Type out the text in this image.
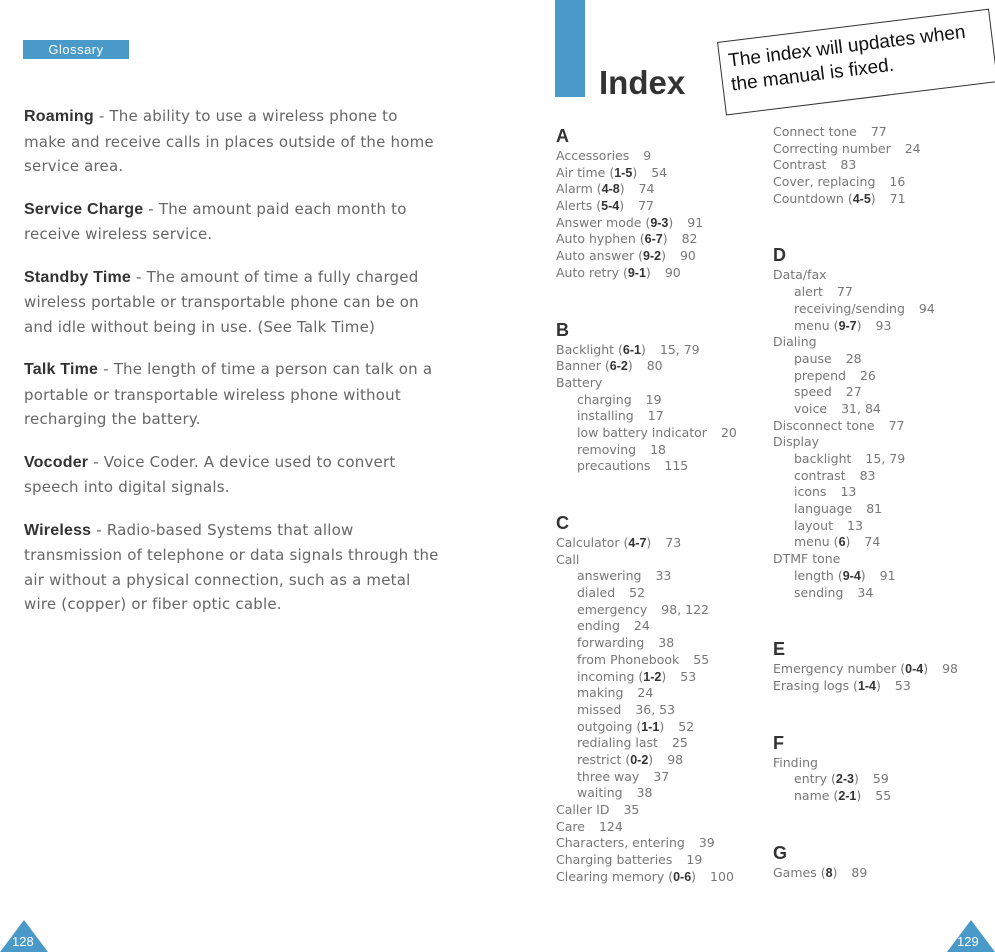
Glossary

Roaming - The ability to use a wireless phone to make and receive calls in places outside of the home service area.

Service Charge - The amount paid each month to receive wireless service.

Standby Time - The amount of time a fully charged wireless portable or transportable phone can be on and idle without being in use. (See Talk Time)

Talk Time - The length of time a person can talk on a portable or transportable wireless phone without recharging the battery.

Vocoder - Voice Coder. A device used to convert speech into digital signals.

Wireless - Radio-based Systems that allow transmission of telephone or data signals through the air without a physical connection, such as a metal wire (copper) or fiber optic cable.

128
Index
The index will updates when the manual is fixed.
A
Accessories 9
Air time (1-5) 54
Alarm (4-8) 74
Alerts (5-4) 77
Answer mode (9-3) 91
Auto hyphen (6-7) 82
Auto answer (9-2) 90
Auto retry (9-1) 90
B
Backlight (6-1) 15, 79
Banner (6-2) 80
Battery
charging 19
installing 17
low battery indicator 20
removing 18
precautions 115
C
Calculator (4-7) 73
Call
answering 33
dialed 52
emergency 98, 122
ending 24
forwarding 38
from Phonebook 55
incoming (1-2) 53
making 24
missed 36, 53
outgoing (1-1) 52
redialing last 25
restrict (0-2) 98
three way 37
waiting 38
Caller ID 35
Care 124
Characters, entering 39
Charging batteries 19
Clearing memory (0-6) 100
Connect tone 77
Correcting number 24
Contrast 83
Cover, replacing 16
Countdown (4-5) 71
D
Data/fax
alert 77
receiving/sending 94
menu (9-7) 93
Dialing
pause 28
prepend 26
speed 27
voice 31, 84
Disconnect tone 77
Display
backlight 15, 79
contrast 83
icons 13
language 81
layout 13
menu (6) 74
DTMF tone
length (9-4) 91
sending 34
E
Emergency number (0-4) 98
Erasing logs (1-4) 53
F
Finding
entry (2-3) 59
name (2-1) 55
G
Games (8) 89
129
